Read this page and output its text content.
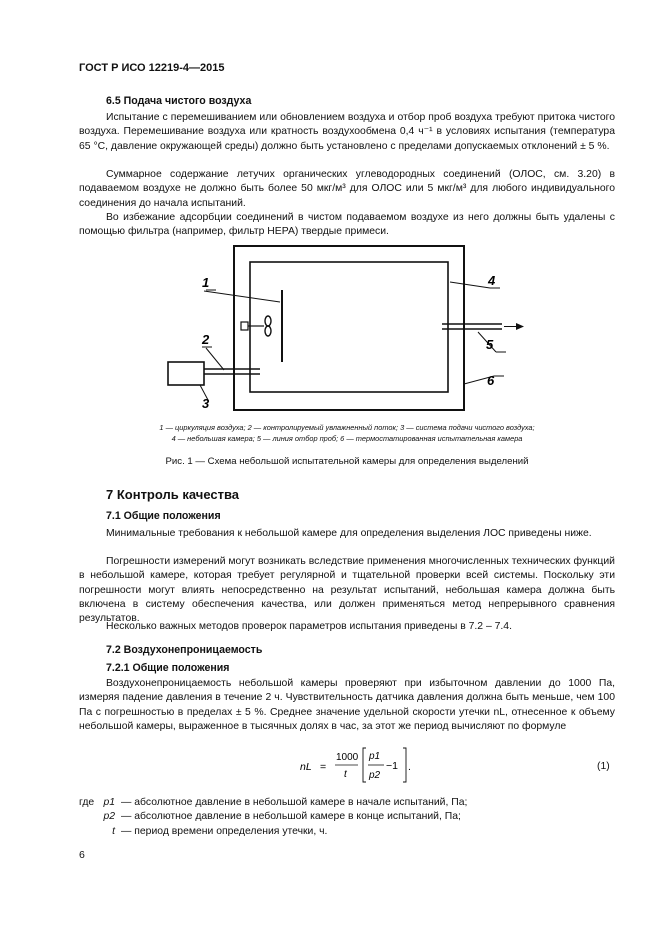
ГОСТ Р ИСО 12219-4—2015
6.5 Подача чистого воздуха
Испытание с перемешиванием или обновлением воздуха и отбор проб воздуха требуют притока чистого воздуха. Перемешивание воздуха или кратность воздухообмена 0,4 ч⁻¹ в условиях испытания (температура 65 °С, давление окружающей среды) должно быть установлено с пределами допускаемых отклонений ± 5 %.
Суммарное содержание летучих органических углеводородных соединений (ОЛОС, см. 3.20) в подаваемом воздухе не должно быть более 50 мкг/м³ для ОЛОС или 5 мкг/м³ для любого индивидуального соединения до начала испытаний.
Во избежание адсорбции соединений в чистом подаваемом воздухе из него должны быть удалены с помощью фильтра (например, фильтр НЕРА) твердые примеси.
1
2
3
4
5
6
1 — циркуляция воздуха; 2 — контролируемый увлажненный поток; 3 — система подачи чистого воздуха;
4 — небольшая камера; 5 — линия отбор проб; 6 — термостатированная испытательная камера
Рис. 1 — Схема небольшой испытательной камеры для определения выделений
7 Контроль качества
7.1 Общие положения
Минимальные требования к небольшой камере для определения выделения ЛОС приведены ниже.
Погрешности измерений могут возникать вследствие применения многочисленных технических функций в небольшой камере, которая требует регулярной и тщательной проверки всей системы. Поскольку эти погрешности могут влиять непосредственно на результат испытаний, небольшая камера должна быть включена в систему обеспечения качества, или должен применяться метод непрерывного сравнения результатов.
Несколько важных методов проверок параметров испытания приведены в 7.2 – 7.4.
7.2 Воздухонепроницаемость
7.2.1 Общие положения
Воздухонепроницаемость небольшой камеры проверяют при избыточном давлении до 1000 Па, измеряя падение давления в течение 2 ч. Чувствительность датчика давления должна быть меньше, чем 100 Па с погрешностью в пределах ± 5 %. Среднее значение удельной скорости утечки nL, отнесенное к объему небольшой камеры, выраженное в тысячных долях в час, за этот же период вычисляют по формуле
nL =
1000
t
p1
p2
−1 .	(1)
где p1 — абсолютное давление в небольшой камере в начале испытаний, Па;
p2 — абсолютное давление в небольшой камере в конце испытаний, Па;
t — период времени определения утечки, ч.
6
